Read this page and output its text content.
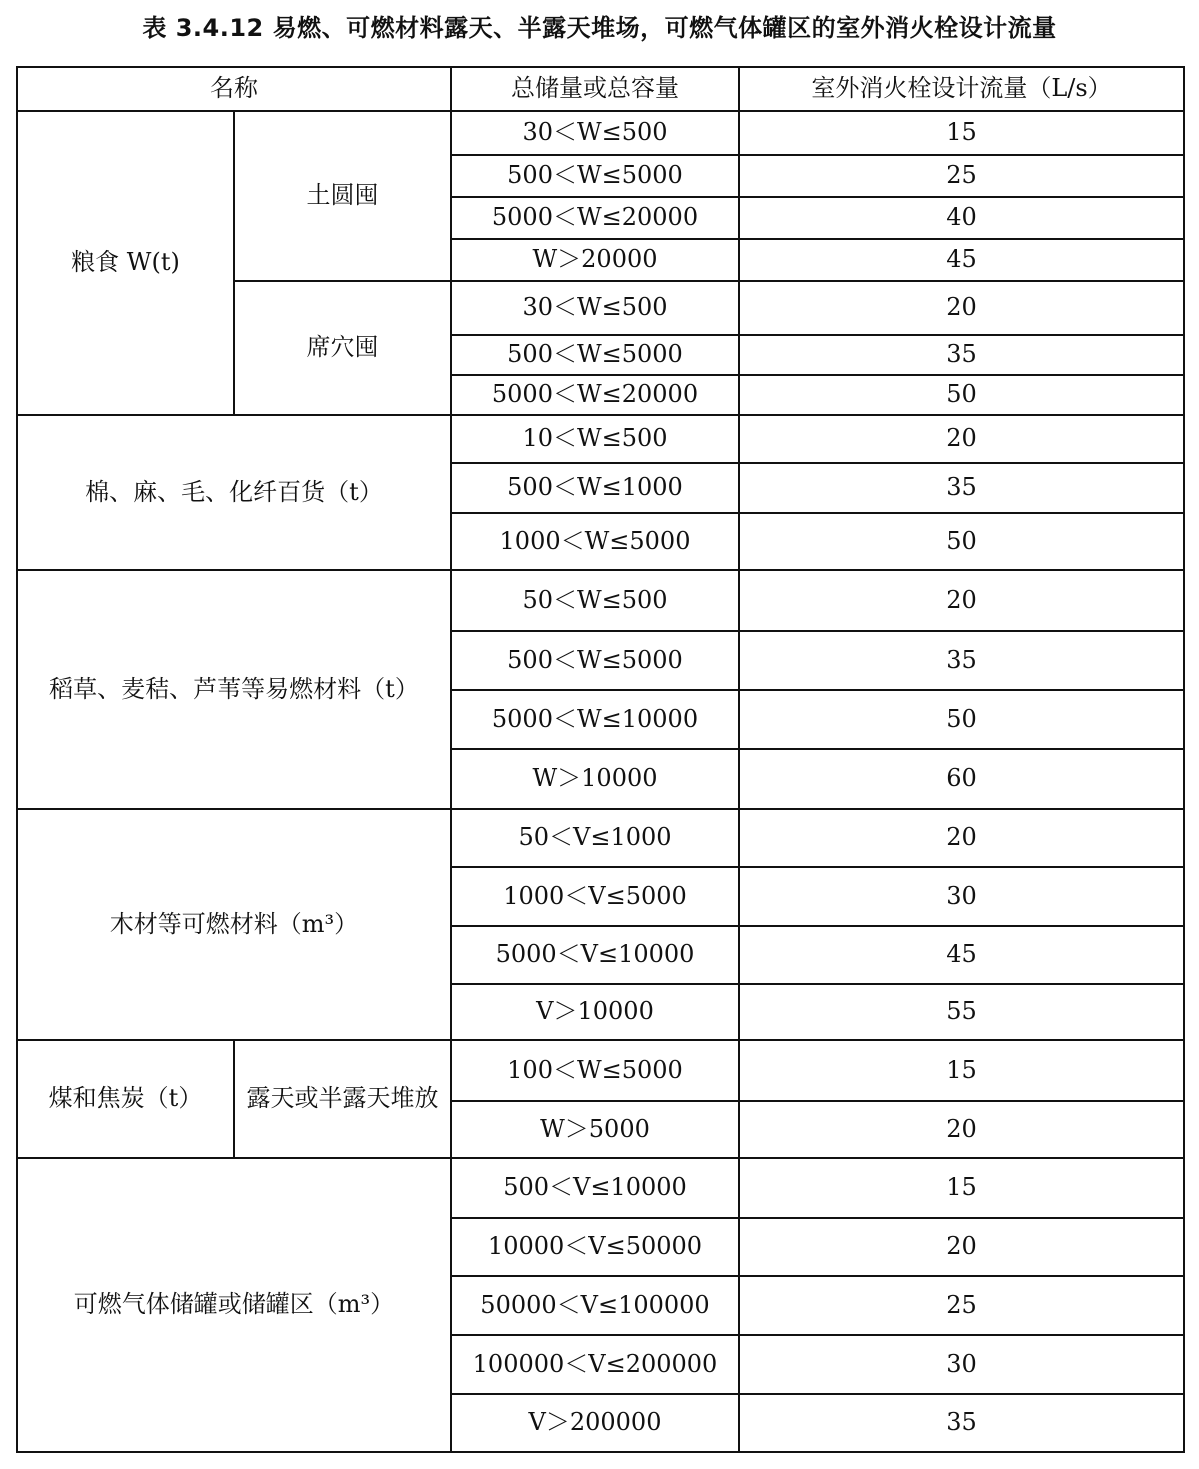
表 3.4.12 易燃、可燃材料露天、半露天堆场，可燃气体罐区的室外消火栓设计流量
名称		总储量或总容量	室外消火栓设计流量（L/s）
粮食 W(t)	土圆囤	30＜W≤500	15
		500＜W≤5000	25
		5000＜W≤20000	40
		W＞20000	45
	席穴囤	30＜W≤500	20
		500＜W≤5000	35
		5000＜W≤20000	50
棉、麻、毛、化纤百货（t）		10＜W≤500	20
		500＜W≤1000	35
		1000＜W≤5000	50
稻草、麦秸、芦苇等易燃材料（t）		50＜W≤500	20
		500＜W≤5000	35
		5000＜W≤10000	50
		W＞10000	60
木材等可燃材料（m³）		50＜V≤1000	20
		1000＜V≤5000	30
		5000＜V≤10000	45
		V＞10000	55
煤和焦炭（t）	露天或半露天堆放	100＜W≤5000	15
		W＞5000	20
可燃气体储罐或储罐区（m³）		500＜V≤10000	15
		10000＜V≤50000	20
		50000＜V≤100000	25
		100000＜V≤200000	30
		V＞200000	35
